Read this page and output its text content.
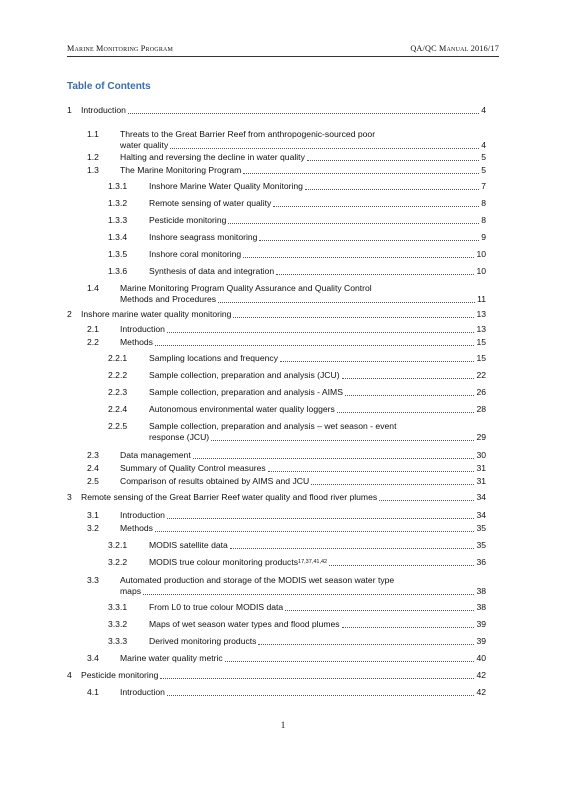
Marine Monitoring Program	QA/QC Manual 2016/17
Table of Contents
1 Introduction	4
1.1 Threats to the Great Barrier Reef from anthropogenic-sourced poor
water quality	4
1.2 Halting and reversing the decline in water quality	5
1.3 The Marine Monitoring Program	5
1.3.1	Inshore Marine Water Quality Monitoring	7
1.3.2	Remote sensing of water quality	8
1.3.3	Pesticide monitoring	8
1.3.4	Inshore seagrass monitoring	9
1.3.5	Inshore coral monitoring	10
1.3.6	Synthesis of data and integration	10
1.4 Marine Monitoring Program Quality Assurance and Quality Control
Methods and Procedures	11
2 Inshore marine water quality monitoring	13
2.1 Introduction	13
2.2 Methods	15
2.2.1	Sampling locations and frequency	15
2.2.2	Sample collection, preparation and analysis (JCU)	22
2.2.3	Sample collection, preparation and analysis - AIMS	26
2.2.4	Autonomous environmental water quality loggers	28
2.2.5	Sample collection, preparation and analysis – wet season - event
response (JCU)	29
2.3 Data management	30
2.4 Summary of Quality Control measures	31
2.5 Comparison of results obtained by AIMS and JCU	31
3 Remote sensing of the Great Barrier Reef water quality and flood river plumes	34
3.1 Introduction	34
3.2 Methods	35
3.2.1	MODIS satellite data	35
3.2.2	MODIS true colour monitoring products 17,37,41,42	36
3.3 Automated production and storage of the MODIS wet season water type
maps	38
3.3.1	From L0 to true colour MODIS data	38
3.3.2	Maps of wet season water types and flood plumes	39
3.3.3	Derived monitoring products	39
3.4 Marine water quality metric	40
4 Pesticide monitoring	42
4.1 Introduction	42
1
